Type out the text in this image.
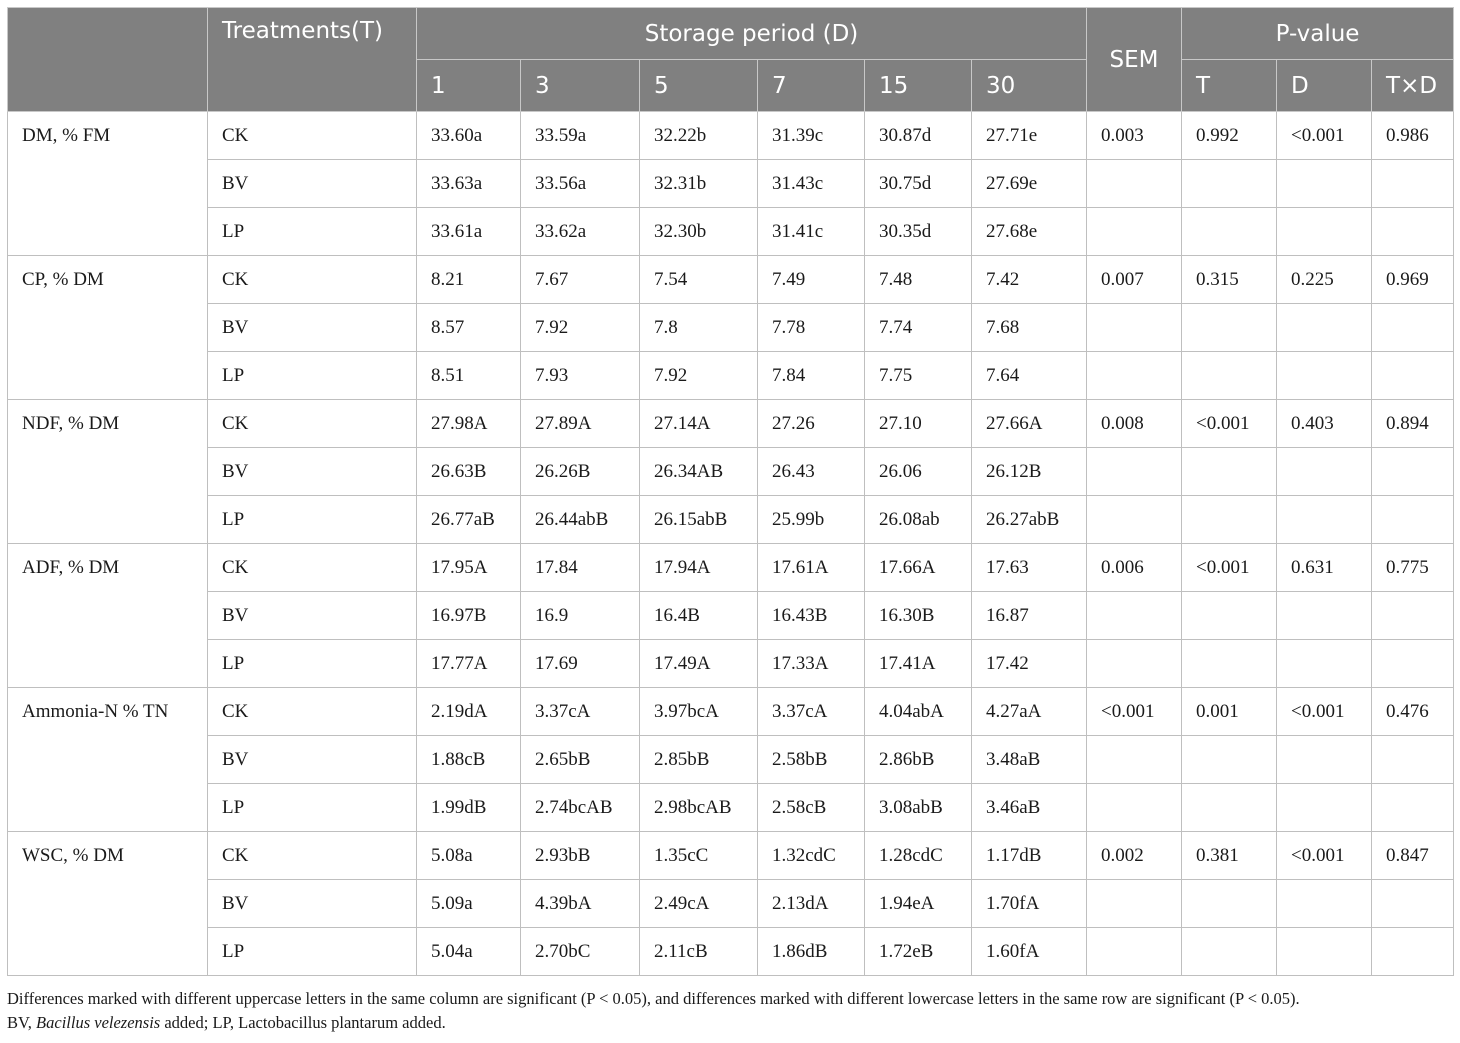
	Treatments(T)	Storage period (D)						SEM	P-value		
		1	3	5	7	15	30		T	D	T×D
DM, % FM	CK	33.60a	33.59a	32.22b	31.39c	30.87d	27.71e	0.003	0.992	<0.001	0.986
	BV	33.63a	33.56a	32.31b	31.43c	30.75d	27.69e				
	LP	33.61a	33.62a	32.30b	31.41c	30.35d	27.68e				
CP, % DM	CK	8.21	7.67	7.54	7.49	7.48	7.42	0.007	0.315	0.225	0.969
	BV	8.57	7.92	7.8	7.78	7.74	7.68				
	LP	8.51	7.93	7.92	7.84	7.75	7.64				
NDF, % DM	CK	27.98A	27.89A	27.14A	27.26	27.10	27.66A	0.008	<0.001	0.403	0.894
	BV	26.63B	26.26B	26.34AB	26.43	26.06	26.12B				
	LP	26.77aB	26.44abB	26.15abB	25.99b	26.08ab	26.27abB				
ADF, % DM	CK	17.95A	17.84	17.94A	17.61A	17.66A	17.63	0.006	<0.001	0.631	0.775
	BV	16.97B	16.9	16.4B	16.43B	16.30B	16.87				
	LP	17.77A	17.69	17.49A	17.33A	17.41A	17.42				
Ammonia-N % TN	CK	2.19dA	3.37cA	3.97bcA	3.37cA	4.04abA	4.27aA	<0.001	0.001	<0.001	0.476
	BV	1.88cB	2.65bB	2.85bB	2.58bB	2.86bB	3.48aB				
	LP	1.99dB	2.74bcAB	2.98bcAB	2.58cB	3.08abB	3.46aB				
WSC, % DM	CK	5.08a	2.93bB	1.35cC	1.32cdC	1.28cdC	1.17dB	0.002	0.381	<0.001	0.847
	BV	5.09a	4.39bA	2.49cA	2.13dA	1.94eA	1.70fA				
	LP	5.04a	2.70bC	2.11cB	1.86dB	1.72eB	1.60fA				
Differences marked with different uppercase letters in the same column are significant (P < 0.05), and differences marked with different lowercase letters in the same row are significant (P < 0.05).
BV, Bacillus velezensis added; LP, Lactobacillus plantarum added.
